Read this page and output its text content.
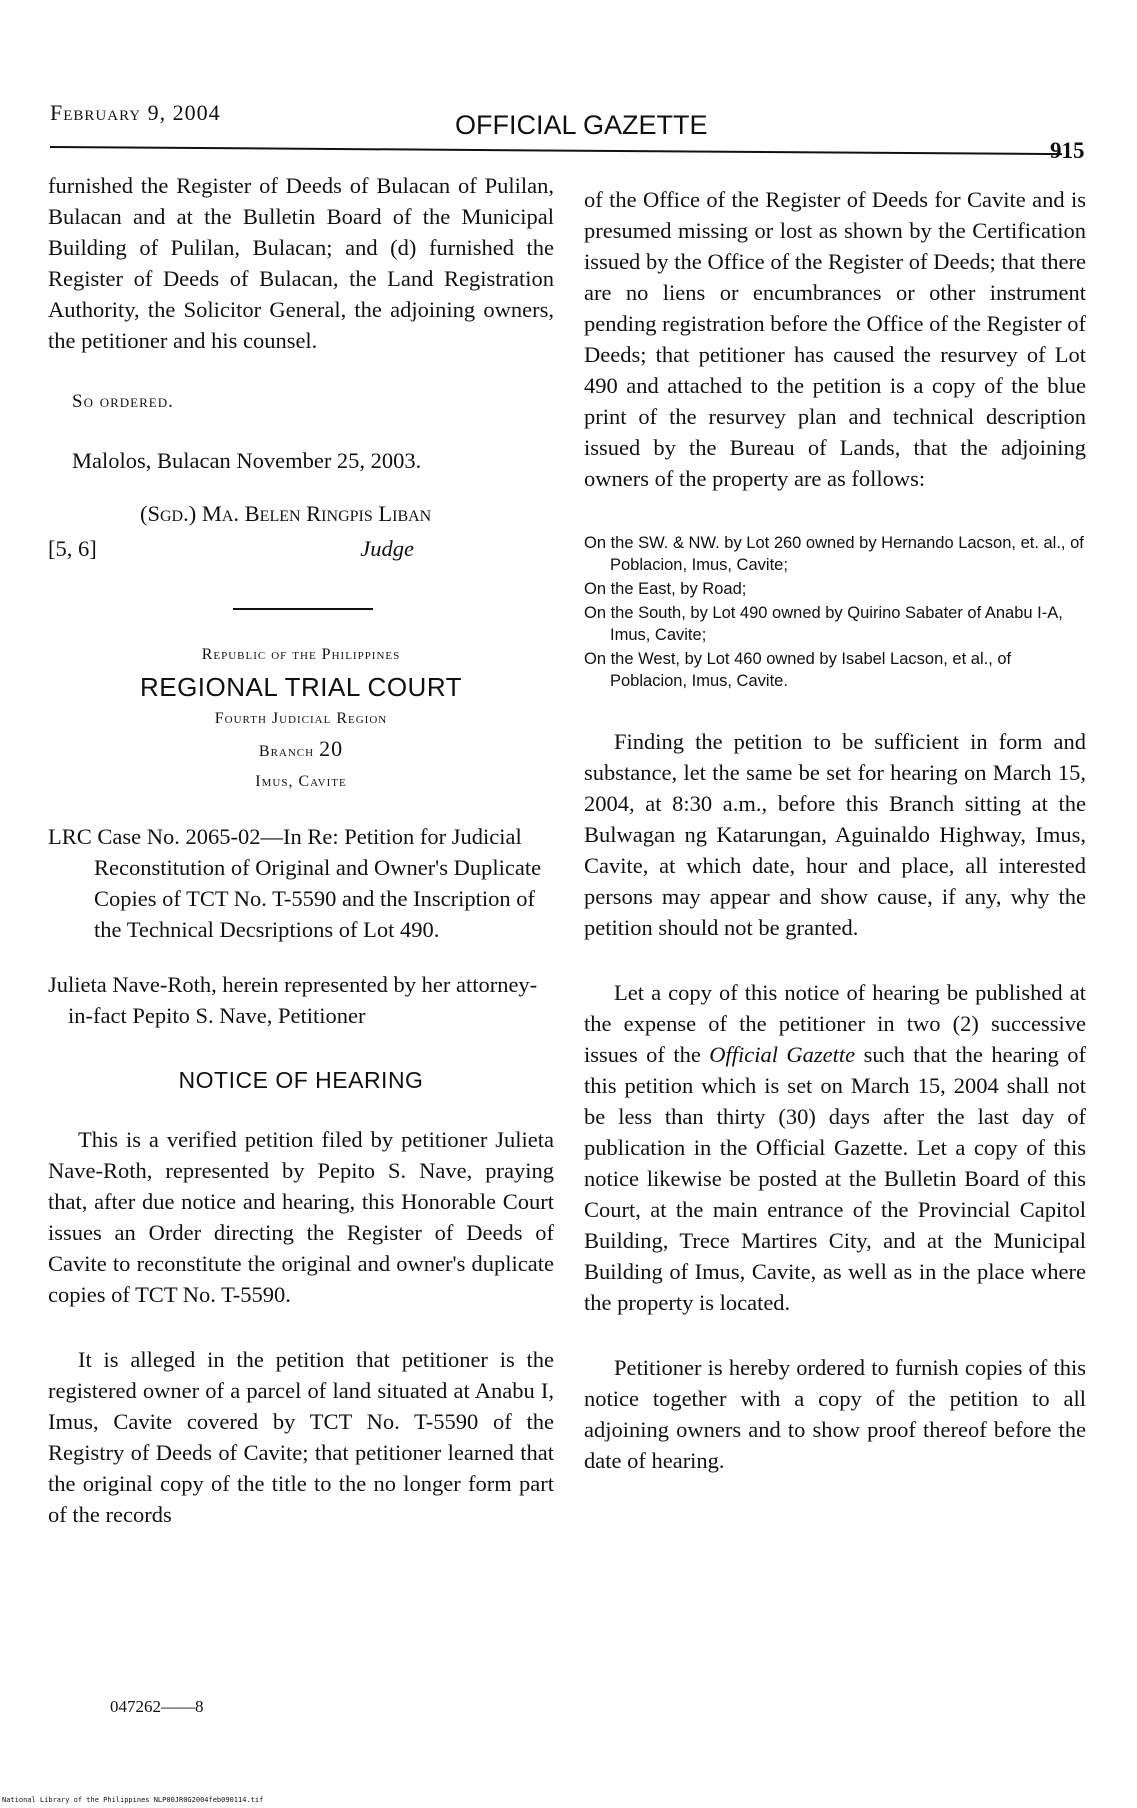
February 9, 2004	OFFICIAL GAZETTE
915

furnished the Register of Deeds of Bulacan of Pulilan, Bulacan and at the Bulletin Board of the Municipal Building of Pulilan, Bulacan; and (d) furnished the Register of Deeds of Bulacan, the Land Registration Authority, the Solicitor General, the adjoining owners, the petitioner and his counsel.

So ordered.
Malolos, Bulacan November 25, 2003.
(Sgd.) Ma. Belen Ringpis Liban
[5, 6]	Judge
Republic of the Philippines
REGIONAL TRIAL COURT
Fourth Judicial Region
Branch 20
Imus, Cavite

LRC Case No. 2065-02—In Re: Petition for Judicial Reconstitution of Original and Owner's Duplicate Copies of TCT No. T-5590 and the Inscription of the Technical Decsriptions of Lot 490.

Julieta Nave-Roth, herein represented by her attorney-in-fact Pepito S. Nave, Petitioner

NOTICE OF HEARING

This is a verified petition filed by petitioner Julieta Nave-Roth, represented by Pepito S. Nave, praying that, after due notice and hearing, this Honorable Court issues an Order directing the Register of Deeds of Cavite to reconstitute the original and owner's duplicate copies of TCT No. T-5590.

It is alleged in the petition that petitioner is the registered owner of a parcel of land situated at Anabu I, Imus, Cavite covered by TCT No. T-5590 of the Registry of Deeds of Cavite; that petitioner learned that the original copy of the title to the no longer form part of the records

of the Office of the Register of Deeds for Cavite and is presumed missing or lost as shown by the Certification issued by the Office of the Register of Deeds; that there are no liens or encumbrances or other instrument pending registration before the Office of the Register of Deeds; that petitioner has caused the resurvey of Lot 490 and attached to the petition is a copy of the blue print of the resurvey plan and technical description issued by the Bureau of Lands, that the adjoining owners of the property are as follows:

On the SW. & NW. by Lot 260 owned by Hernando Lacson, et. al., of Poblacion, Imus, Cavite;
On the East, by Road;
On the South, by Lot 490 owned by Quirino Sabater of Anabu I-A, Imus, Cavite;
On the West, by Lot 460 owned by Isabel Lacson, et al., of Poblacion, Imus, Cavite.

Finding the petition to be sufficient in form and substance, let the same be set for hearing on March 15, 2004, at 8:30 a.m., before this Branch sitting at the Bulwagan ng Katarungan, Aguinaldo Highway, Imus, Cavite, at which date, hour and place, all interested persons may appear and show cause, if any, why the petition should not be granted.

Let a copy of this notice of hearing be published at the expense of the petitioner in two (2) successive issues of the Official Gazette such that the hearing of this petition which is set on March 15, 2004 shall not be less than thirty (30) days after the last day of publication in the Official Gazette. Let a copy of this notice likewise be posted at the Bulletin Board of this Court, at the main entrance of the Provincial Capitol Building, Trece Martires City, and at the Municipal Building of Imus, Cavite, as well as in the place where the property is located.

Petitioner is hereby ordered to furnish copies of this notice together with a copy of the petition to all adjoining owners and to show proof thereof before the date of hearing.

047262——8
National Library of the Philippines NLP00JR0G2004feb090114.tif
